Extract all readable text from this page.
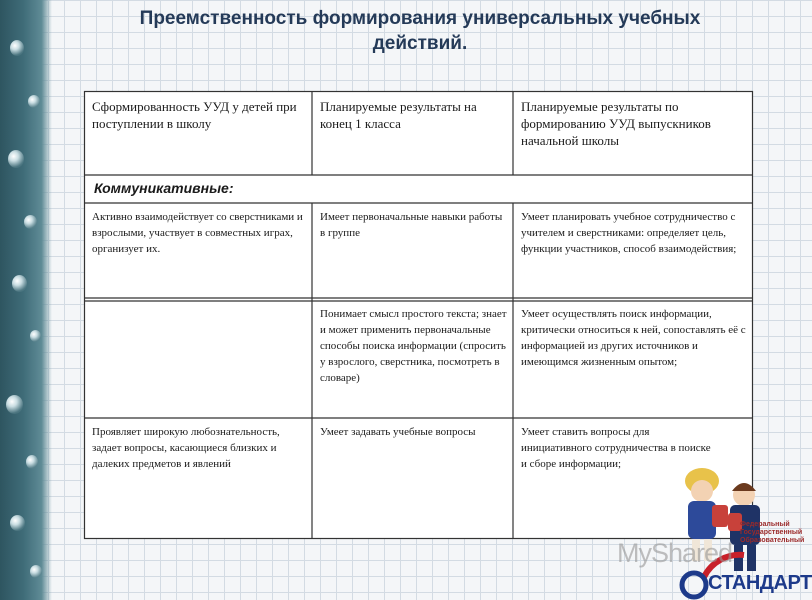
Преемственность формирования универсальных учебных действий.
Сформированность УУД у детей при поступлении в школу
Планируемые результаты на конец 1 класса
Планируемые результаты по формированию УУД выпускников начальной школы
Коммуникативные:
Активно взаимодействует со сверстниками и взрослыми, участвует в совместных играх, организует их.
Имеет первоначальные навыки работы в группе
Умеет планировать учебное сотрудничество с учителем и сверстниками: определяет цель, функции участников, способ взаимодействия;
Понимает смысл простого текста; знает и может применить первоначальные способы поиска информации (спросить у взрослого, сверстника, посмотреть в словаре)
Умеет осуществлять поиск информации, критически относиться к ней, сопоставлять её с информацией из других источников и имеющимся жизненным опытом;
Проявляет широкую любознательность, задает вопросы, касающиеся близких и далеких предметов и явлений
Умеет задавать учебные вопросы	Умеет ставить вопросы для инициативного сотрудничества в поиске и сборе информации;
MyShared
Федеральный Государственный Образовательный
СТАНДАРТ
